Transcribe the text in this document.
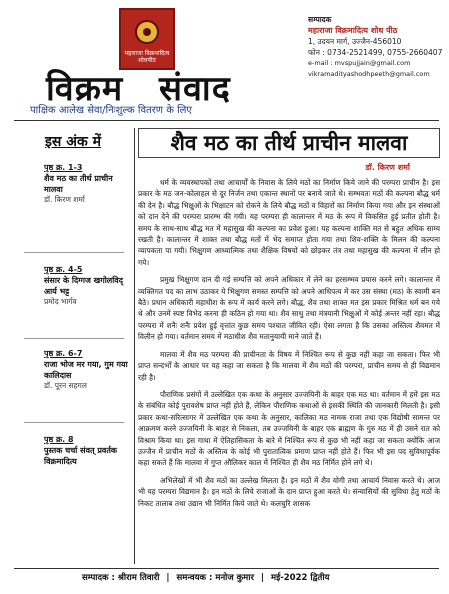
महाराजा विक्रमादित्य शोधपीठ
विक्रम संवाद
पाक्षिक आलेख सेवा/निःशुल्क वितरण के लिए
सम्पादक
महाराजा विक्रमादित्य शोध पीठ
1, उदयन मार्ग, उज्जैन-456010
फोन : 0734-2521499, 0755-2660407
e-mail : mvspujjain@gmail.com
vikramadityashodhpeeth@gmail.com
इस अंक में
पृष्ठ क्र. 1-3
शैव मठ का तीर्थ प्राचीन मालवा
डॉ. किरण शर्मा
पृष्ठ क्र. 4-5
संसार के दिग्गज खगोलविद् आर्य भट्ट
प्रमोद भार्गव
पृष्ठ क्र. 6-7
राजा भोज मर गया, गुम गया कालिदास
डॉ. पूरन सहगल
पृष्ठ क्र. 8
पुस्तक चर्चा संवत् प्रवर्तक विक्रमादित्य
शैव मठ का तीर्थ प्राचीन मालवा
डॉ. किरण शर्मा

धर्म के व्यवस्थापकों तथा आचार्यों के निवास के लिये मठों का निर्माण किये जाने की परम्परा प्राचीन है। इस प्रकार के मठ जन-कोलाहल से दूर निर्जन तथा एकान्त स्थानों पर बनाये जाते थे। सम्भवतः मठों की कल्पना बौद्ध धर्म की देन है। बौद्ध भिक्षुओं के भिक्षाटन को रोकने के लिये बौद्ध मठों व विहारों का निर्माण किया गया और इन संस्थाओं को दान देने की परम्परा प्रारम्भ की गयी। यह परम्परा ही कालान्तर में मठ के रूप में विकसित हुई प्रतीत होती है। समय के साथ-साथ बौद्ध मत में महासुख की कल्पना का प्रवेश हुआ। यह कल्पना शाक्ति मत से बहुत अधिक साम्य रखती है। कालान्तर में शाक्त तथा बौद्ध मतों में भेद समाप्त होता गया तथा शिव-शक्ति के मिलन की कल्पना व्यापकता पा गयी। भिक्षुगण आध्यात्मिक तथा शैक्षिक विषयों को छोड़कर तंत्र तथा महासुख की कल्पना में लीन हो गये।

प्रमुख भिक्षुगण दान दी गई सम्पत्ति को अपने अधिकार में लेने का हरसम्भव प्रयास करने लगे। कालान्तर में व्यक्तिगत पद का लाभ उठाकर ये भिक्षुगण समस्त सम्पत्ति को अपने आधिपत्य में कर उस संस्था (मठ) के स्वामी बन बैठे। प्रधान अधिकारी महाधीश के रूप में कार्य करने लगे। बौद्ध, शैव तथा शाक्त मत इस प्रकार मिश्रित धर्म बन गये थे और उनमें स्पष्ट विभेद करना ही कठिन हो गया था। शैव साधु तथा मंत्रयानी भिक्षुओं में कोई अन्तर नहीं रहा। बौद्ध परम्परा में शनैः शनैः प्रवेश हुई वृत्तांत कुछ समय पश्चात जीवित रही। ऐसा लगता है कि उसका अस्तित्व शैवमत में विलीन हो गया। वर्तमान समय में मठाधीश शैव मतानुयायी माने जाते हैं।

मालवा में शैव मठ परम्परा की प्राचीनता के विषय में निश्चित रूप से कुछ नहीं कहा जा सकता। फिर भी प्राप्त सन्दर्भों के आधार पर यह कहा जा सकता है कि मालवा में शैव मठों की परम्परा, प्राचीन समय से ही विद्यमान रही है।

पौराणिक प्रसंगों में उल्लेखित एक कथा के अनुसार उज्जयिनी के बाहर एक मठ था। वर्तमान में हमें इस मठ के संबंधित कोई पुरावशेष प्राप्त नहीं होते हैं, लेकिन पौराणिक कथाओं से इसकी स्थिति की जानकारी मिलती है। इसी प्रकार कथा-सरित्सागर में उल्लेखित एक कथा के अनुसार, कालिका मठ नामक राजा तथा एक विद्योषी सामन्त पर आक्रमण करने उज्जयिनी के बाहर से निकला, तब उज्जयिनी के बाहर एक ब्राह्मण के गुरु मठ में ही उसने रात को विश्राम किया था। इस गाथा में ऐतिहासिकता के बारे में निश्चित रूप से कुछ भी नहीं कहा जा सकता क्योंकि आज उज्जैन में प्राचीन मठों के अस्तित्व के कोई भी पुरातात्विक प्रमाण प्राप्त नहीं होते हैं। फिर भी इस पद सुविधापूर्वक कहा सकते हैं कि मालवा में गुप्त औलिकर काल में निश्चित ही शैव मठ निर्मित होने लगे थे।

अभिलेखों में भी शैव मठों का उल्लेख मिलता है। इन मठों में शैव योगी तथा आचार्य निवास करते थे। आज भी यह परम्परा विद्यमान है। इन मठों के लिये राजाओं के दान प्राप्त हुआ करते थे। संन्यासियों की सुविधा हेतु मठों के निकट तालाब तथा उद्यान भी निर्मित किये जाते थे। कलचुरि शासक

सम्पादक : श्रीराम तिवारी | समन्वयक : मनोज कुमार | मई-2022 द्वितीय
